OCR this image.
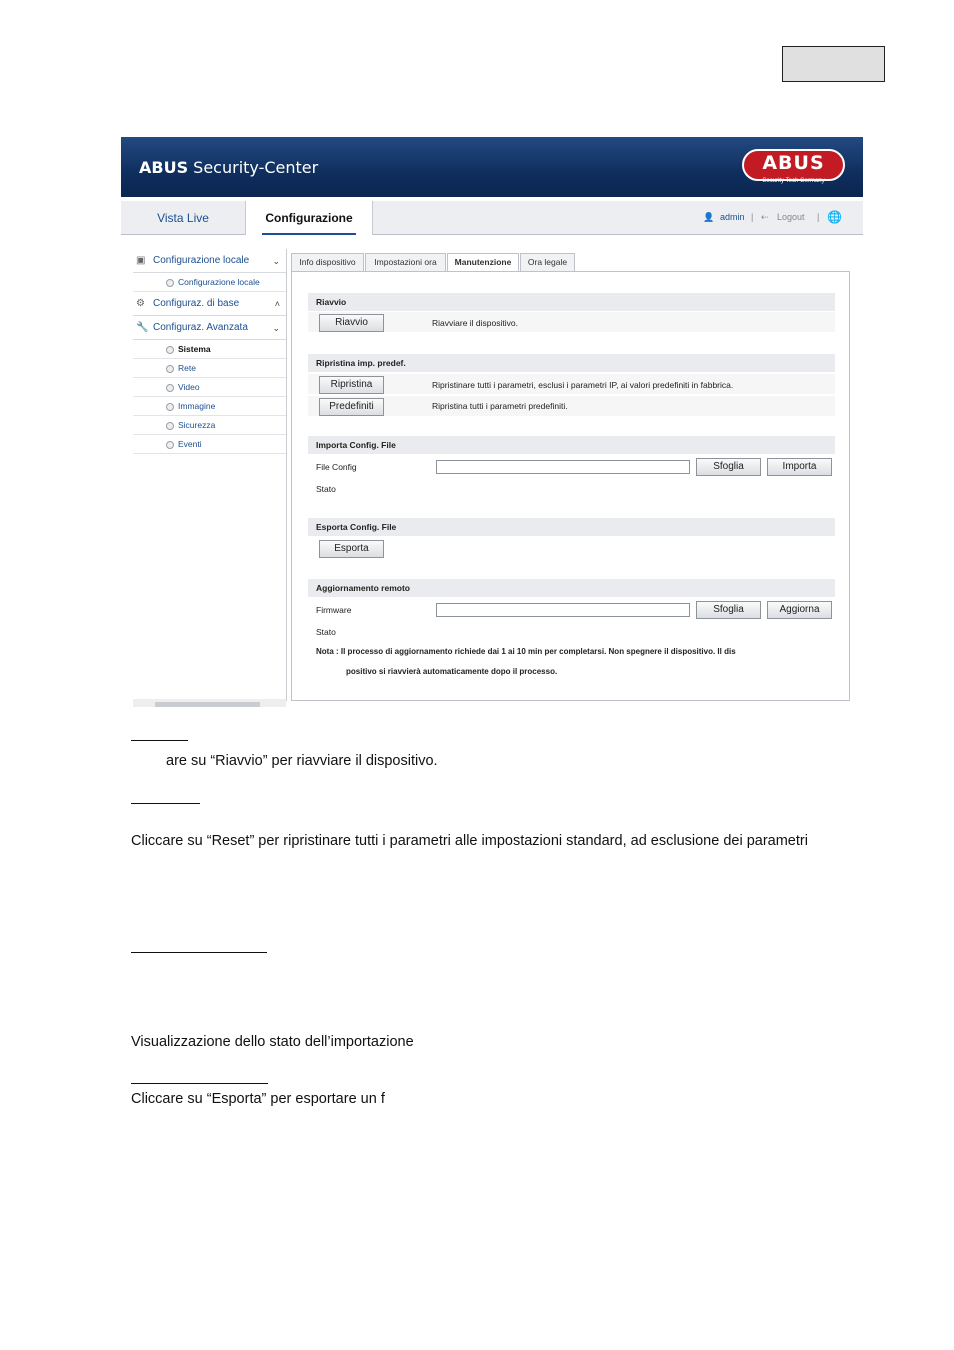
ABUS Security-Center	ABUS
Security Tech Germany
Vista Live	Configurazione	👤 admin | ⇠ Logout | 🌐
▣ Configurazione locale	⌄
Configurazione locale
⚙ Configuraz. di base	˄
🔧 Configuraz. Avanzata	⌄
Sistema
Rete
Video
Immagine
Sicurezza
Eventi
Info dispositivo	Impostazioni ora	Manutenzione	Ora legale
Riavvio
Riavvio	Riavviare il dispositivo.
Ripristina imp. predef.
Ripristina	Ripristinare tutti i parametri, esclusi i parametri IP, ai valori predefiniti in fabbrica.
Predefiniti	Ripristina tutti i parametri predefiniti.
Importa Config. File
File Config	Sfoglia	Importa
Stato
Esporta Config. File
Esporta
Aggiornamento remoto
Firmware	Sfoglia	Aggiorna
Stato
Nota : Il processo di aggiornamento richiede dai 1 ai 10 min per completarsi. Non spegnere il dispositivo. Il dis
positivo si riavvierà automaticamente dopo il processo.
are su “Riavvio” per riavviare il dispositivo.
Cliccare su “Reset” per ripristinare tutti i parametri alle impostazioni standard, ad esclusione dei parametri
Visualizzazione dello stato dell’importazione
Cliccare su “Esporta” per esportare un f
